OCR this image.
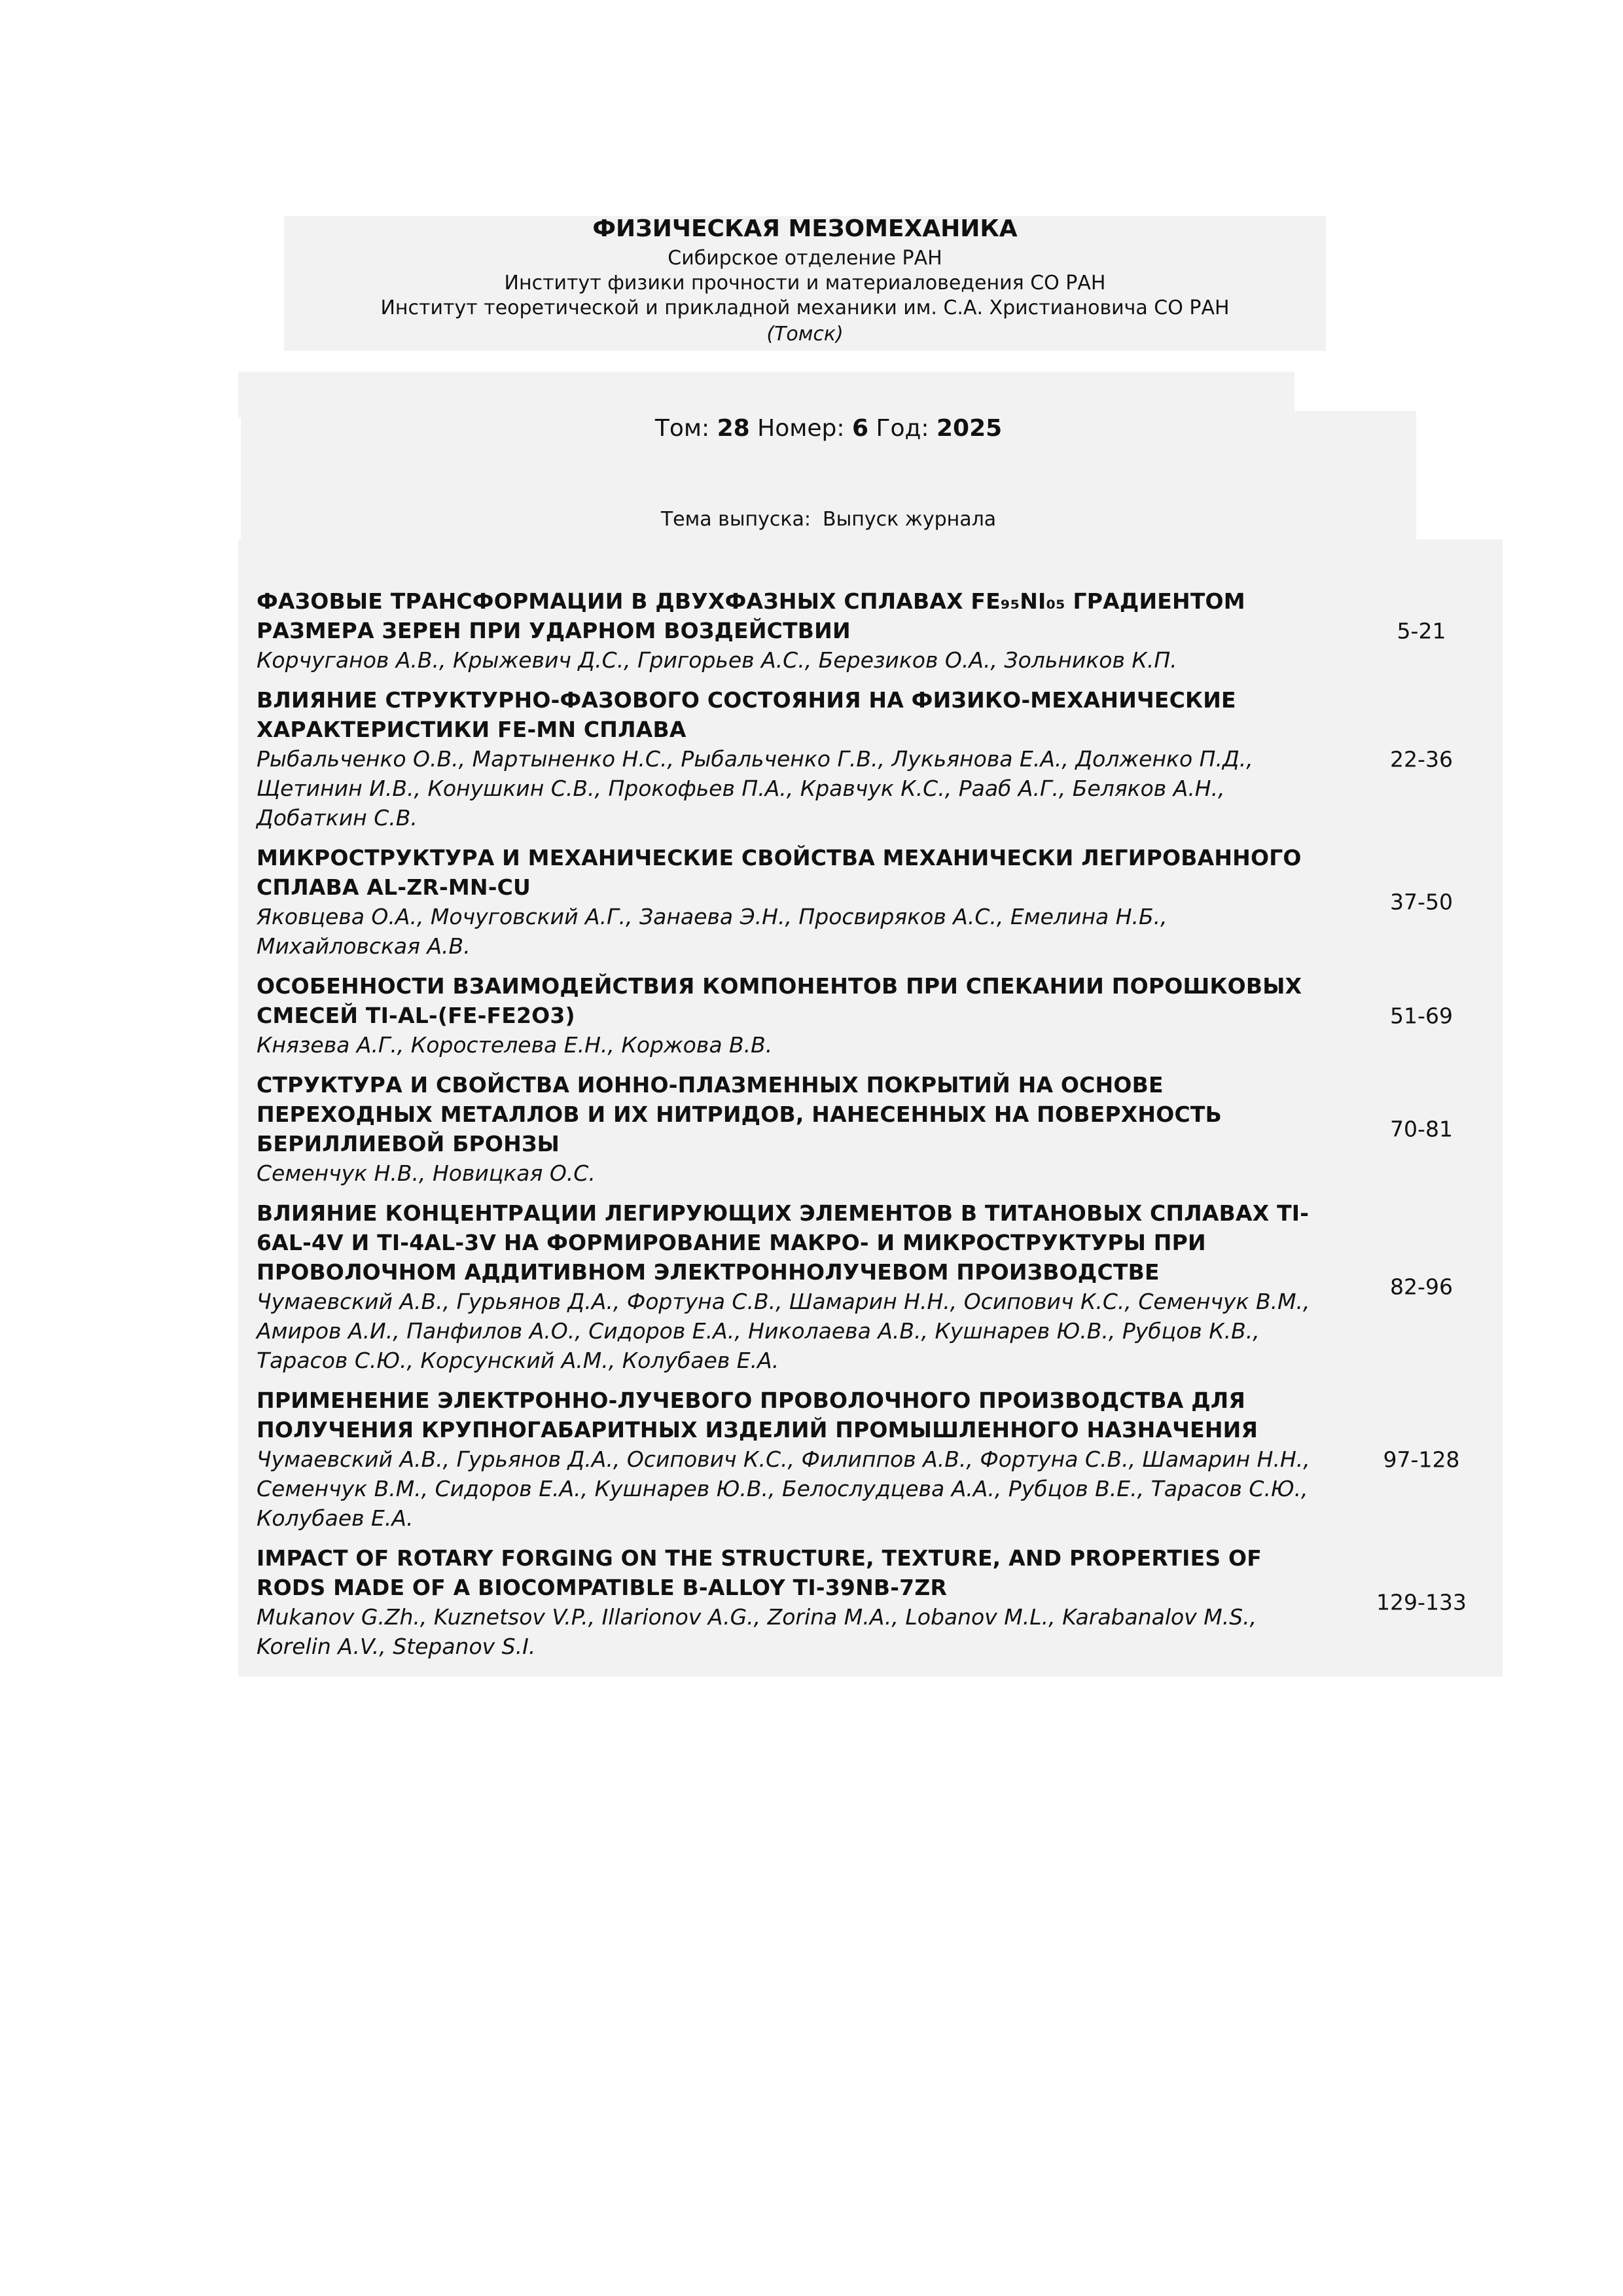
ФИЗИЧЕСКАЯ МЕЗОМЕХАНИКА
Сибирское отделение РАН
Институт физики прочности и материаловедения СО РАН
Институт теоретической и прикладной механики им. С.А. Христиановича СО РАН
(Томск)
Том: 28 Номер: 6 Год: 2025
Тема выпуска: Выпуск журнала
ФАЗОВЫЕ ТРАНСФОРМАЦИИ В ДВУХФАЗНЫХ СПЛАВАХ FE₉₅NI₀₅ ГРАДИЕНТОМ РАЗМЕРА ЗЕРЕН ПРИ УДАРНОМ ВОЗДЕЙСТВИИ
Корчуганов А.В., Крыжевич Д.С., Григорьев А.С., Березиков О.А., Зольников К.П.
5-21
ВЛИЯНИЕ СТРУКТУРНО-ФАЗОВОГО СОСТОЯНИЯ НА ФИЗИКО-МЕХАНИЧЕСКИЕ ХАРАКТЕРИСТИКИ FE-MN СПЛАВА
Рыбальченко О.В., Мартыненко Н.С., Рыбальченко Г.В., Лукьянова Е.А., Долженко П.Д., Щетинин И.В., Конушкин С.В., Прокофьев П.А., Кравчук К.С., Рааб А.Г., Беляков А.Н., Добаткин С.В.
22-36
МИКРОСТРУКТУРА И МЕХАНИЧЕСКИЕ СВОЙСТВА МЕХАНИЧЕСКИ ЛЕГИРОВАННОГО СПЛАВА AL-ZR-MN-CU
Яковцева О.А., Мочуговский А.Г., Занаева Э.Н., Просвиряков А.С., Емелина Н.Б., Михайловская А.В.
37-50
ОСОБЕННОСТИ ВЗАИМОДЕЙСТВИЯ КОМПОНЕНТОВ ПРИ СПЕКАНИИ ПОРОШКОВЫХ СМЕСЕЙ TI-AL-(FE-FE2O3)
Князева А.Г., Коростелева Е.Н., Коржова В.В.
51-69
СТРУКТУРА И СВОЙСТВА ИОННО-ПЛАЗМЕННЫХ ПОКРЫТИЙ НА ОСНОВЕ ПЕРЕХОДНЫХ МЕТАЛЛОВ И ИХ НИТРИДОВ, НАНЕСЕННЫХ НА ПОВЕРХНОСТЬ БЕРИЛЛИЕВОЙ БРОНЗЫ
Семенчук Н.В., Новицкая О.С.
70-81
ВЛИЯНИЕ КОНЦЕНТРАЦИИ ЛЕГИРУЮЩИХ ЭЛЕМЕНТОВ В ТИТАНОВЫХ СПЛАВАХ TI-6AL-4V И TI-4AL-3V НА ФОРМИРОВАНИЕ МАКРО- И МИКРОСТРУКТУРЫ ПРИ ПРОВОЛОЧНОМ АДДИТИВНОМ ЭЛЕКТРОННОЛУЧЕВОМ ПРОИЗВОДСТВЕ
Чумаевский А.В., Гурьянов Д.А., Фортуна С.В., Шамарин Н.Н., Осипович К.С., Семенчук В.М., Амиров А.И., Панфилов А.О., Сидоров Е.А., Николаева А.В., Кушнарев Ю.В., Рубцов К.В., Тарасов С.Ю., Корсунский А.М., Колубаев Е.А.
82-96
ПРИМЕНЕНИЕ ЭЛЕКТРОННО-ЛУЧЕВОГО ПРОВОЛОЧНОГО ПРОИЗВОДСТВА ДЛЯ ПОЛУЧЕНИЯ КРУПНОГАБАРИТНЫХ ИЗДЕЛИЙ ПРОМЫШЛЕННОГО НАЗНАЧЕНИЯ
Чумаевский А.В., Гурьянов Д.А., Осипович К.С., Филиппов А.В., Фортуна С.В., Шамарин Н.Н., Семенчук В.М., Сидоров Е.А., Кушнарев Ю.В., Белослудцева А.А., Рубцов В.Е., Тарасов С.Ю., Колубаев Е.А.
97-128
IMPACT OF ROTARY FORGING ON THE STRUCTURE, TEXTURE, AND PROPERTIES OF RODS MADE OF A BIOCOMPATIBLE Β-ALLOY TI-39NB-7ZR
Mukanov G.Zh., Kuznetsov V.P., Illarionov A.G., Zorina M.A., Lobanov M.L., Karabanalov M.S., Korelin A.V., Stepanov S.I.
129-133
